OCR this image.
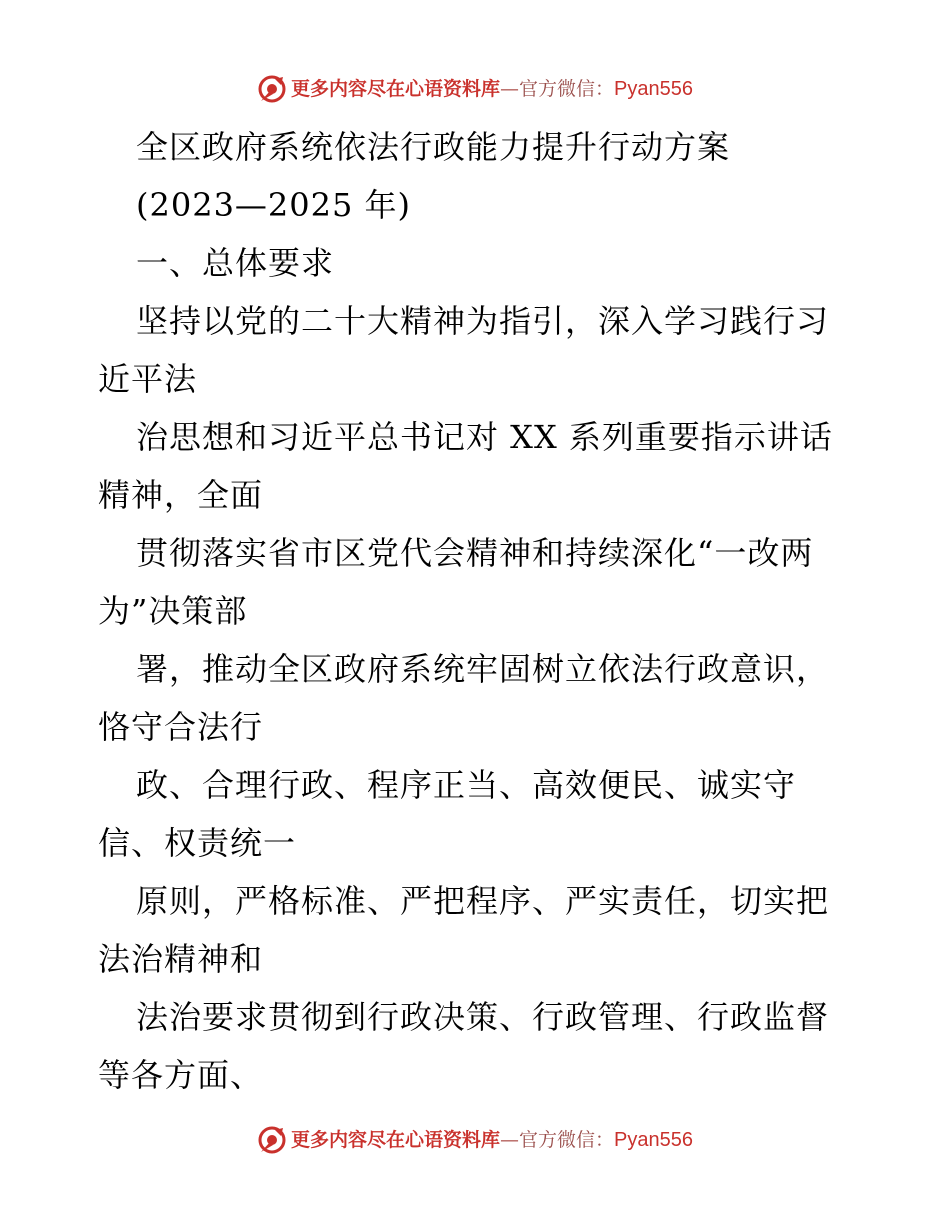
更多内容尽在心语资料库 — 官方微信： Pyan556
全区政府系统依法行政能力提升行动方案
(2023—2025 年)
一、总体要求
坚持以党的二十大精神为指引，深入学习践行习
近平法
治思想和习近平总书记对 XX 系列重要指示讲话
精神，全面
贯彻落实省市区党代会精神和持续深化“一改两
为”决策部
署，推动全区政府系统牢固树立依法行政意识，
恪守合法行
政、合理行政、程序正当、高效便民、诚实守
信、权责统一
原则，严格标准、严把程序、严实责任，切实把
法治精神和
法治要求贯彻到行政决策、行政管理、行政监督
等各方面、
更多内容尽在心语资料库 — 官方微信： Pyan556
